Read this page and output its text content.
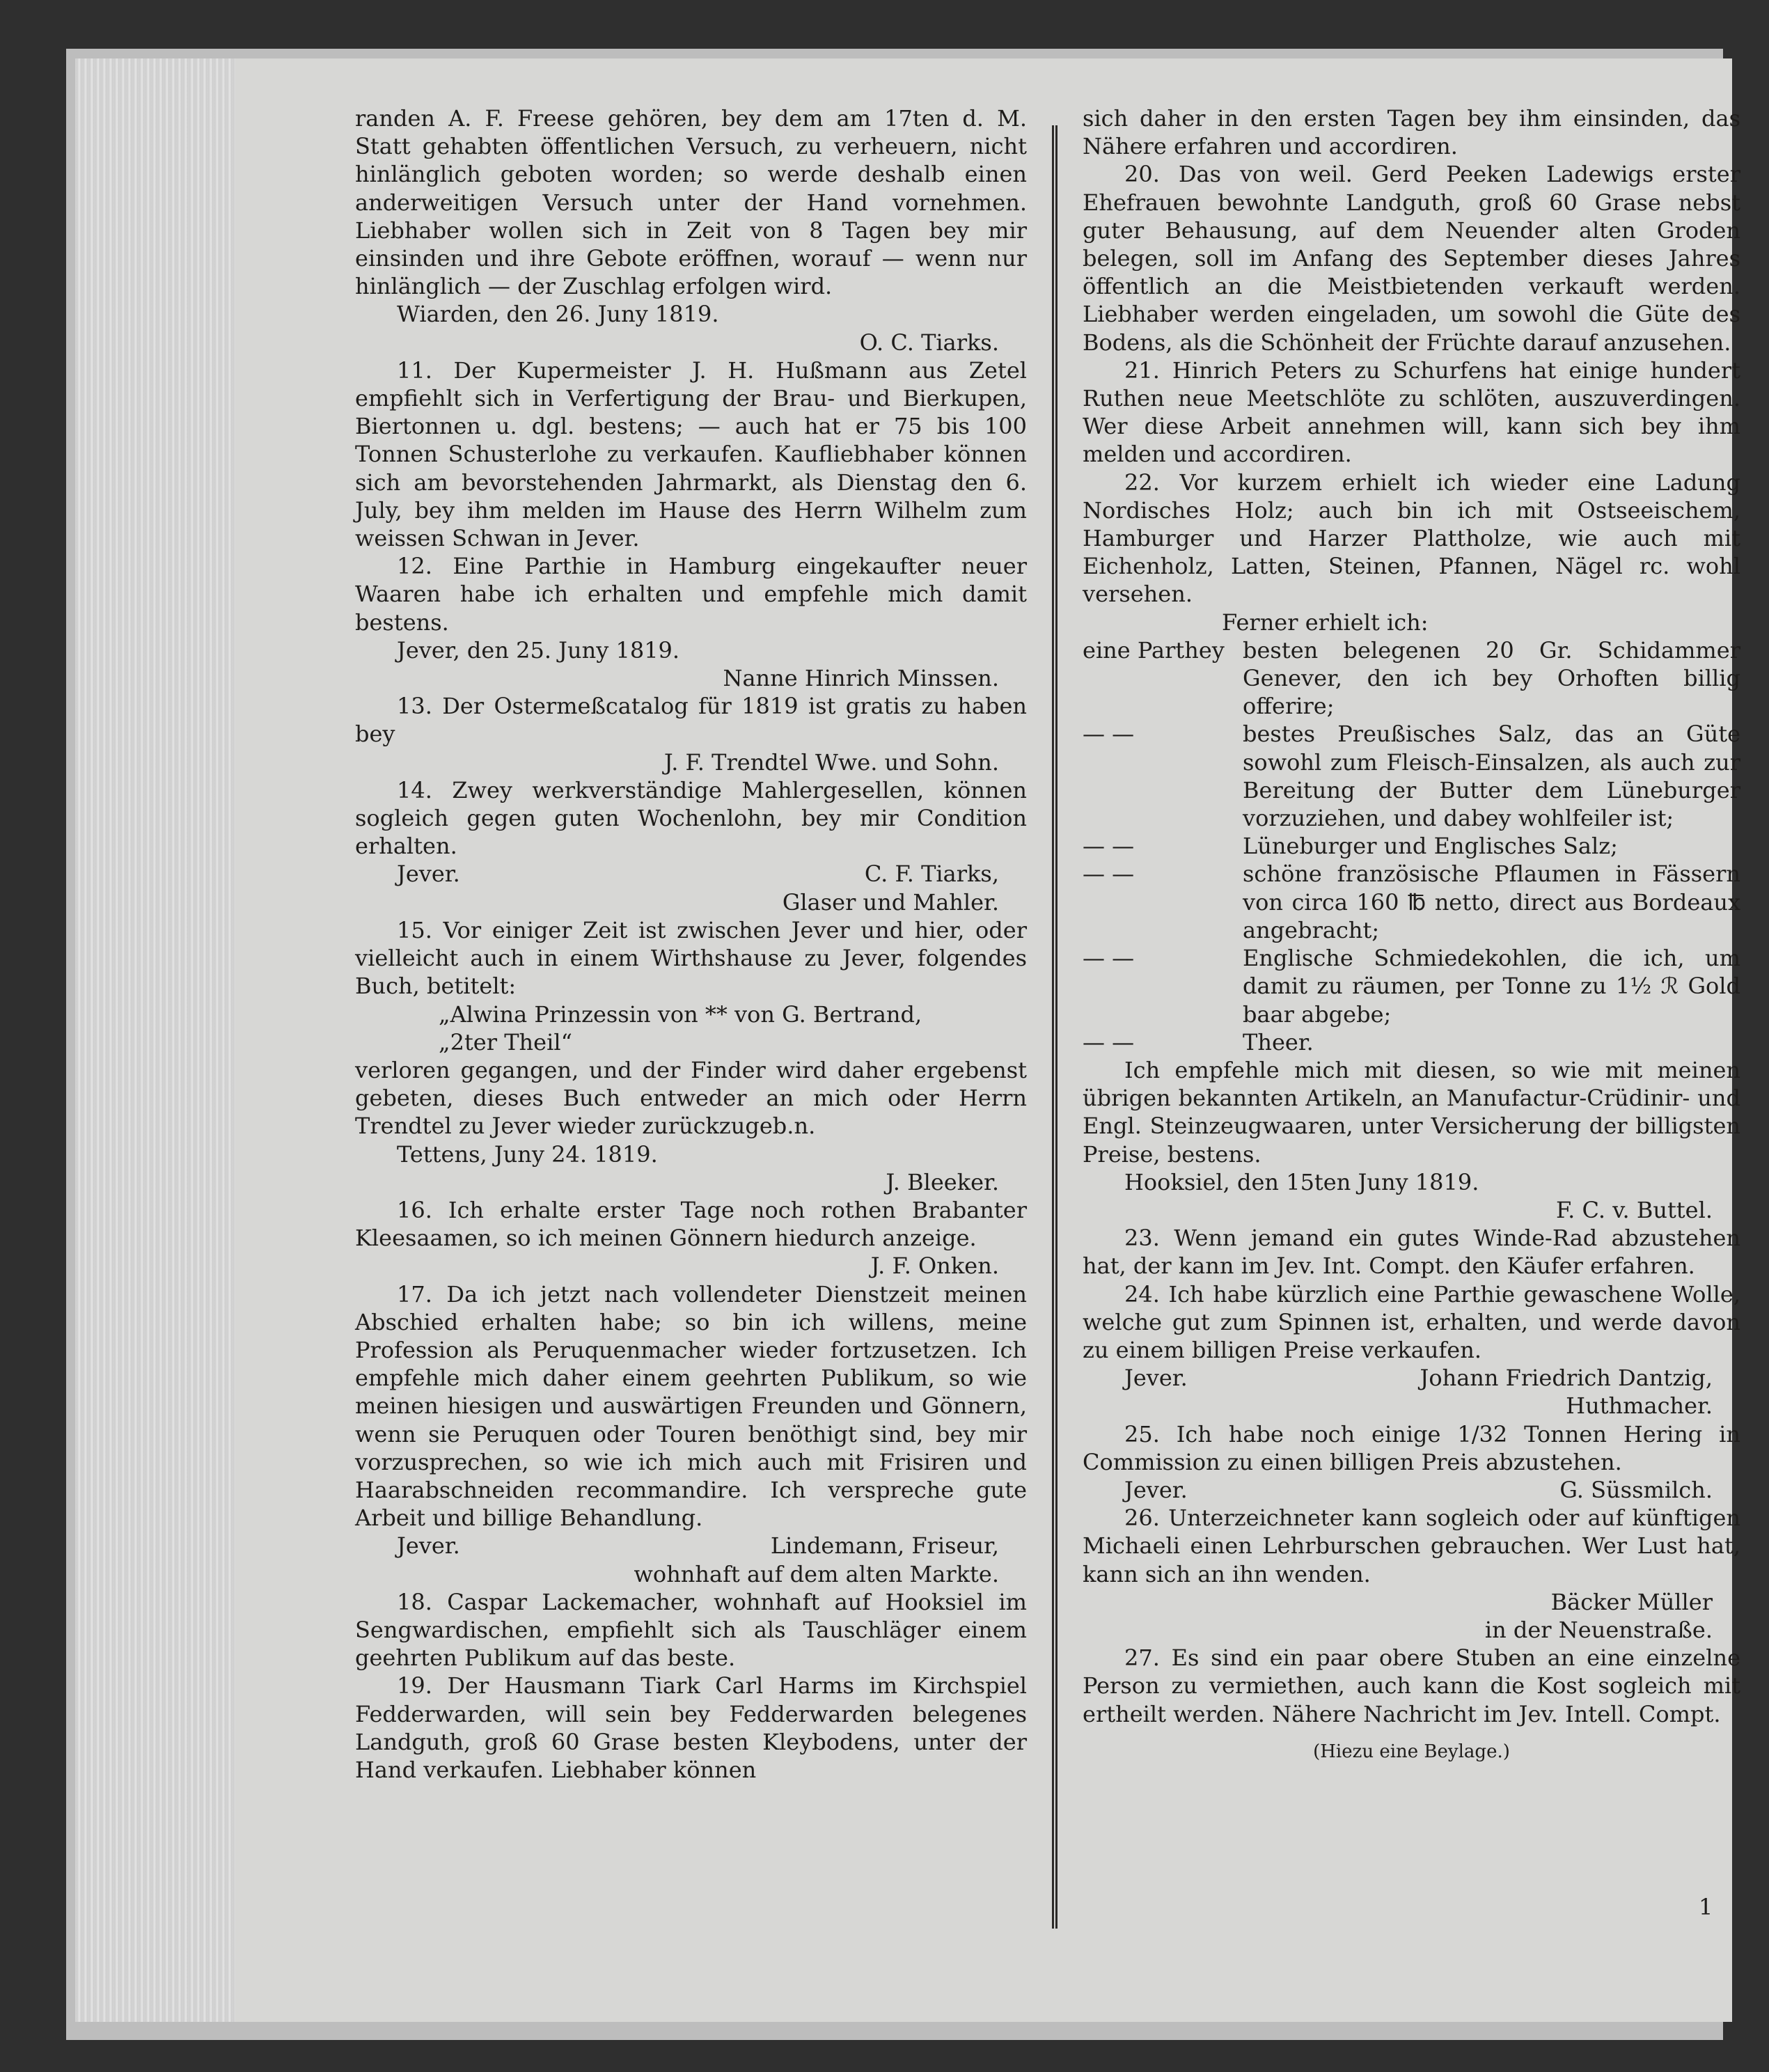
randen A. F. Freese gehören, bey dem am 17ten d. M. Statt gehabten öffentlichen Versuch, zu verheuern, nicht hinlänglich geboten worden; so werde deshalb einen anderweitigen Versuch unter der Hand vornehmen. Liebhaber wollen sich in Zeit von 8 Tagen bey mir einsinden und ihre Gebote eröffnen, worauf — wenn nur hinlänglich — der Zuschlag erfolgen wird.

Wiarden, den 26. Juny 1819.

O. C. Tiarks.

11. Der Kupermeister J. H. Hußmann aus Zetel empfiehlt sich in Verfertigung der Brau- und Bierkupen, Biertonnen u. dgl. bestens; — auch hat er 75 bis 100 Tonnen Schusterlohe zu verkaufen. Kaufliebhaber können sich am bevorstehenden Jahrmarkt, als Dienstag den 6. July, bey ihm melden im Hause des Herrn Wilhelm zum weissen Schwan in Jever.

12. Eine Parthie in Hamburg eingekaufter neuer Waaren habe ich erhalten und empfehle mich damit bestens.

Jever, den 25. Juny 1819.

Nanne Hinrich Minssen.

13. Der Ostermeßcatalog für 1819 ist gratis zu haben bey

J. F. Trendtel Wwe. und Sohn.

14. Zwey werkverständige Mahlergesellen, können sogleich gegen guten Wochenlohn, bey mir Condition erhalten.

Jever.	C. F. Tiarks,

Glaser und Mahler.

15. Vor einiger Zeit ist zwischen Jever und hier, oder vielleicht auch in einem Wirthshause zu Jever, folgendes Buch, betitelt:

„Alwina Prinzessin von ** von G. Bertrand,

„2ter Theil“

verloren gegangen, und der Finder wird daher ergebenst gebeten, dieses Buch entweder an mich oder Herrn Trendtel zu Jever wieder zurückzugeb.n.

Tettens, Juny 24. 1819.

J. Bleeker.

16. Ich erhalte erster Tage noch rothen Brabanter Kleesaamen, so ich meinen Gönnern hiedurch anzeige.

J. F. Onken.

17. Da ich jetzt nach vollendeter Dienstzeit meinen Abschied erhalten habe; so bin ich willens, meine Profession als Peruquenmacher wieder fortzusetzen. Ich empfehle mich daher einem geehrten Publikum, so wie meinen hiesigen und auswärtigen Freunden und Gönnern, wenn sie Peruquen oder Touren benöthigt sind, bey mir vorzusprechen, so wie ich mich auch mit Frisiren und Haarabschneiden recommandire. Ich verspreche gute Arbeit und billige Behandlung.

Jever.	Lindemann, Friseur,

wohnhaft auf dem alten Markte.

18. Caspar Lackemacher, wohnhaft auf Hooksiel im Sengwardischen, empfiehlt sich als Tauschläger einem geehrten Publikum auf das beste.

19. Der Hausmann Tiark Carl Harms im Kirchspiel Fedderwarden, will sein bey Fedderwarden belegenes Landguth, groß 60 Grase besten Kleybodens, unter der Hand verkaufen. Liebhaber können

sich daher in den ersten Tagen bey ihm einsinden, das Nähere erfahren und accordiren.

20. Das von weil. Gerd Peeken Ladewigs erster Ehefrauen bewohnte Landguth, groß 60 Grase nebst guter Behausung, auf dem Neuender alten Groden belegen, soll im Anfang des September dieses Jahres öffentlich an die Meistbietenden verkauft werden. Liebhaber werden eingeladen, um sowohl die Güte des Bodens, als die Schönheit der Früchte darauf anzusehen.

21. Hinrich Peters zu Schurfens hat einige hundert Ruthen neue Meetschlöte zu schlöten, auszuverdingen. Wer diese Arbeit annehmen will, kann sich bey ihm melden und accordiren.

22. Vor kurzem erhielt ich wieder eine Ladung Nordisches Holz; auch bin ich mit Ostseeischem, Hamburger und Harzer Plattholze, wie auch mit Eichenholz, Latten, Steinen, Pfannen, Nägel rc. wohl versehen.

Ferner erhielt ich:

eine Parthey besten belegenen 20 Gr. Schidammer Genever, den ich bey Orhoften billig offerire;
— —	bestes Preußisches Salz, das an Güte sowohl zum Fleisch-Einsalzen, als auch zur Bereitung der Butter dem Lüneburger vorzuziehen, und dabey wohlfeiler ist;
— —	Lüneburger und Englisches Salz;
— —	schöne französische Pflaumen in Fässern von circa 160 ℔ netto, direct aus Bordeaux angebracht;
— —	Englische Schmiedekohlen, die ich, um damit zu räumen, per Tonne zu 1½ ℛ Gold baar abgebe;
— —	Theer.

Ich empfehle mich mit diesen, so wie mit meinen übrigen bekannten Artikeln, an Manufactur-Crüdinir- und Engl. Steinzeugwaaren, unter Versicherung der billigsten Preise, bestens.

Hooksiel, den 15ten Juny 1819.

F. C. v. Buttel.

23. Wenn jemand ein gutes Winde-Rad abzustehen hat, der kann im Jev. Int. Compt. den Käufer erfahren.

24. Ich habe kürzlich eine Parthie gewaschene Wolle, welche gut zum Spinnen ist, erhalten, und werde davon zu einem billigen Preise verkaufen.

Jever.	Johann Friedrich Dantzig,

Huthmacher.

25. Ich habe noch einige 1/32 Tonnen Hering in Commission zu einen billigen Preis abzustehen.

Jever.	G. Süssmilch.

26. Unterzeichneter kann sogleich oder auf künftigen Michaeli einen Lehrburschen gebrauchen. Wer Lust hat, kann sich an ihn wenden.

Bäcker Müller

in der Neuenstraße.

27. Es sind ein paar obere Stuben an eine einzelne Person zu vermiethen, auch kann die Kost sogleich mit ertheilt werden. Nähere Nachricht im Jev. Intell. Compt.

(Hiezu eine Beylage.)

1
